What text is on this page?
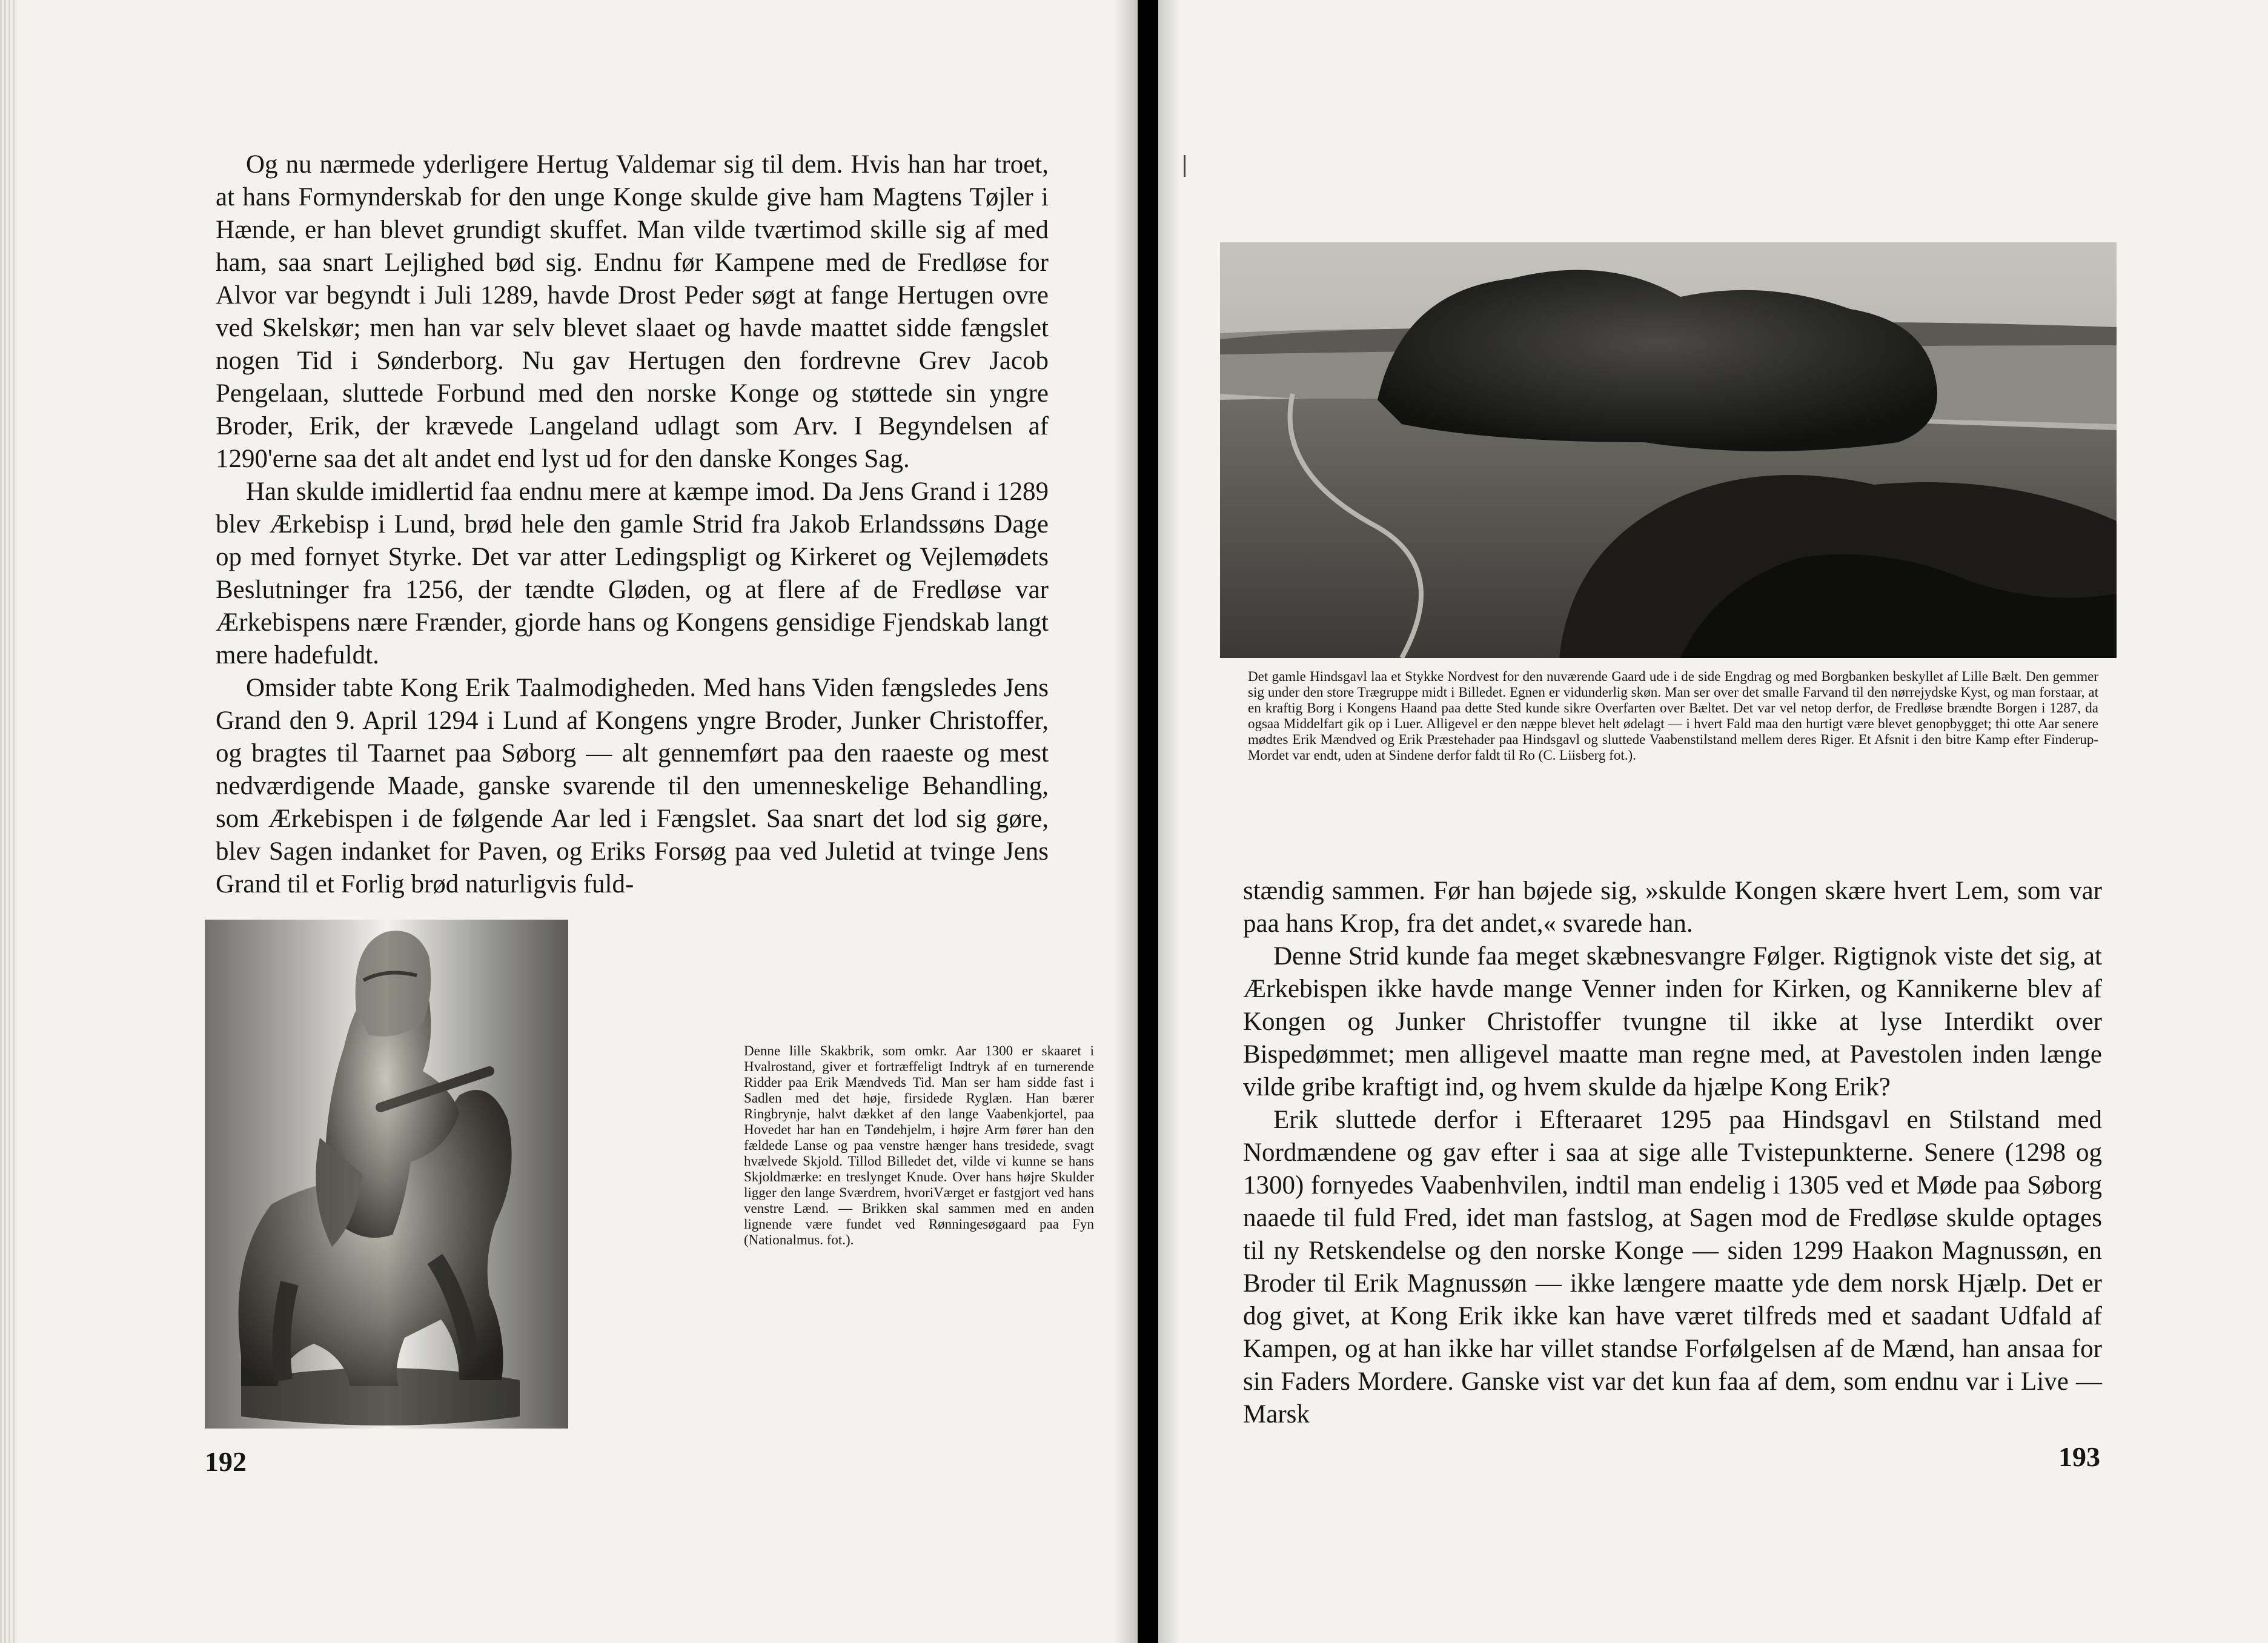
Og nu nærmede yderligere Hertug Valdemar sig til dem. Hvis han har troet, at hans Formynderskab for den unge Konge skulde give ham Magtens Tøjler i Hænde, er han blevet grundigt skuffet. Man vilde tværtimod skille sig af med ham, saa snart Lejlighed bød sig. Endnu før Kampene med de Fredløse for Alvor var begyndt i Juli 1289, havde Drost Peder søgt at fange Hertugen ovre ved Skelskør; men han var selv blevet slaaet og havde maattet sidde fængslet nogen Tid i Sønderborg. Nu gav Hertugen den fordrevne Grev Jacob Pengelaan, sluttede Forbund med den norske Konge og støttede sin yngre Broder, Erik, der krævede Langeland udlagt som Arv. I Begyndelsen af 1290'erne saa det alt andet end lyst ud for den danske Konges Sag.

Han skulde imidlertid faa endnu mere at kæmpe imod. Da Jens Grand i 1289 blev Ærkebisp i Lund, brød hele den gamle Strid fra Jakob Erlandssøns Dage op med fornyet Styrke. Det var atter Ledingspligt og Kirkeret og Vejlemødets Beslutninger fra 1256, der tændte Gløden, og at flere af de Fredløse var Ærkebispens nære Frænder, gjorde hans og Kongens gensidige Fjendskab langt mere hadefuldt.

Omsider tabte Kong Erik Taalmodigheden. Med hans Viden fængsledes Jens Grand den 9. April 1294 i Lund af Kongens yngre Broder, Junker Christoffer, og bragtes til Taarnet paa Søborg — alt gennemført paa den raaeste og mest nedværdigende Maade, ganske svarende til den umenneskelige Behandling, som Ærkebispen i de følgende Aar led i Fængslet. Saa snart det lod sig gøre, blev Sagen indanket for Paven, og Eriks Forsøg paa ved Juletid at tvinge Jens Grand til et Forlig brød naturligvis fuld-

Denne lille Skakbrik, som omkr. Aar 1300 er skaaret i Hvalrostand, giver et fortræffeligt Indtryk af en turnerende Ridder paa Erik Mændveds Tid. Man ser ham sidde fast i Sadlen med det høje, firsidede Ryglæn. Han bærer Ringbrynje, halvt dækket af den lange Vaabenkjortel, paa Hovedet har han en Tøndehjelm, i højre Arm fører han den fældede Lanse og paa venstre hænger hans tresidede, svagt hvælvede Skjold. Tillod Billedet det, vilde vi kunne se hans Skjoldmærke: en treslynget Knude. Over hans højre Skulder ligger den lange Sværdrem, hvoriVærget er fastgjort ved hans venstre Lænd. — Brikken skal sammen med en anden lignende være fundet ved Rønningesøgaard paa Fyn (Nationalmus. fot.).
192
Det gamle Hindsgavl laa et Stykke Nordvest for den nuværende Gaard ude i de side Engdrag og med Borgbanken beskyllet af Lille Bælt. Den gemmer sig under den store Trægruppe midt i Billedet. Egnen er vidunderlig skøn. Man ser over det smalle Farvand til den nørrejydske Kyst, og man forstaar, at en kraftig Borg i Kongens Haand paa dette Sted kunde sikre Overfarten over Bæltet. Det var vel netop derfor, de Fredløse brændte Borgen i 1287, da ogsaa Middelfart gik op i Luer. Alligevel er den næppe blevet helt ødelagt — i hvert Fald maa den hurtigt være blevet genopbygget; thi otte Aar senere mødtes Erik Mændved og Erik Præstehader paa Hindsgavl og sluttede Vaabenstilstand mellem deres Riger. Et Afsnit i den bitre Kamp efter Finderup-Mordet var endt, uden at Sindene derfor faldt til Ro (C. Liisberg fot.).

stændig sammen. Før han bøjede sig, »skulde Kongen skære hvert Lem, som var paa hans Krop, fra det andet,« svarede han.

Denne Strid kunde faa meget skæbnesvangre Følger. Rigtignok viste det sig, at Ærkebispen ikke havde mange Venner inden for Kirken, og Kannikerne blev af Kongen og Junker Christoffer tvungne til ikke at lyse Interdikt over Bispedømmet; men alligevel maatte man regne med, at Pavestolen inden længe vilde gribe kraftigt ind, og hvem skulde da hjælpe Kong Erik?

Erik sluttede derfor i Efteraaret 1295 paa Hindsgavl en Stilstand med Nordmændene og gav efter i saa at sige alle Tvistepunkterne. Senere (1298 og 1300) fornyedes Vaabenhvilen, indtil man endelig i 1305 ved et Møde paa Søborg naaede til fuld Fred, idet man fastslog, at Sagen mod de Fredløse skulde optages til ny Retskendelse og den norske Konge — siden 1299 Haakon Magnussøn, en Broder til Erik Magnussøn — ikke længere maatte yde dem norsk Hjælp. Det er dog givet, at Kong Erik ikke kan have været tilfreds med et saadant Udfald af Kampen, og at han ikke har villet standse Forfølgelsen af de Mænd, han ansaa for sin Faders Mordere. Ganske vist var det kun faa af dem, som endnu var i Live — Marsk

193
